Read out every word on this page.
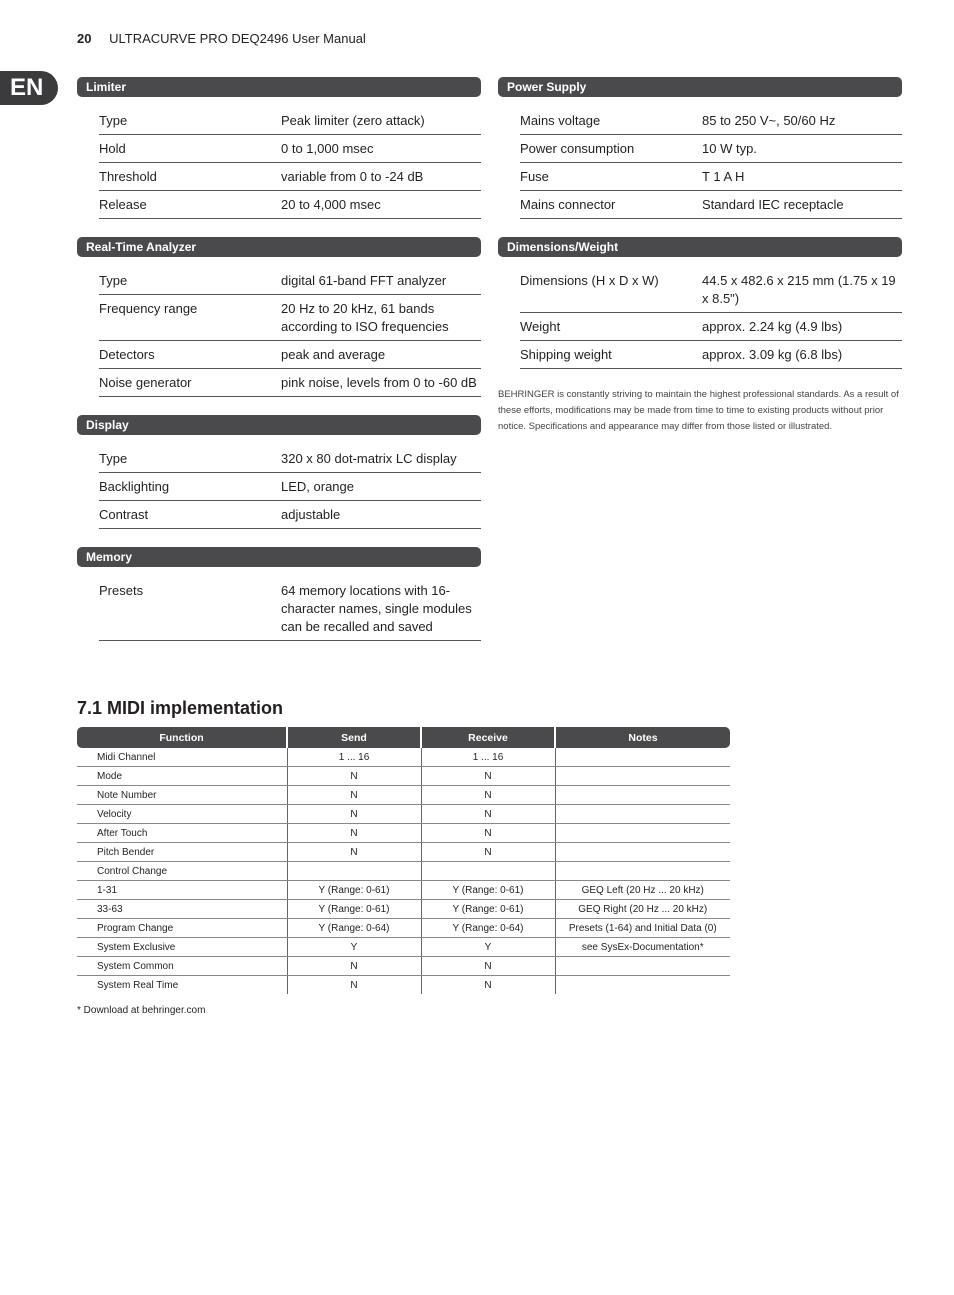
20 ULTRACURVE PRO DEQ2496 User Manual
EN	Limiter
Type	Peak limiter (zero attack)
Hold	0 to 1,000 msec
Threshold	variable from 0 to -24 dB
Release	20 to 4,000 msec
Real-Time Analyzer
Type	digital 61-band FFT analyzer
Frequency range	20 Hz to 20 kHz, 61 bands according to ISO frequencies
Detectors	peak and average
Noise generator	pink noise, levels from 0 to -60 dB
Display
Type	320 x 80 dot-matrix LC display
Backlighting	LED, orange
Contrast	adjustable
Memory
Presets	64 memory locations with 16-character names, single modules can be recalled and saved
Power Supply
Mains voltage	85 to 250 V~, 50/60 Hz
Power consumption	10 W typ.
Fuse	T 1 A H
Mains connector	Standard IEC receptacle
Dimensions/Weight
Dimensions (H x D x W)	44.5 x 482.6 x 215 mm (1.75 x 19 x 8.5")
Weight	approx. 2.24 kg (4.9 lbs)
Shipping weight	approx. 3.09 kg (6.8 lbs)
BEHRINGER is constantly striving to maintain the highest professional standards. As a result of these efforts, modifications may be made from time to time to existing products without prior notice. Specifications and appearance may differ from those listed or illustrated.
7.1 MIDI implementation
Function	Send	Receive	Notes
Midi Channel	1 ... 16	1 ... 16	
Mode	N	N	
Note Number	N	N	
Velocity	N	N	
After Touch	N	N	
Pitch Bender	N	N	
Control Change			
1-31	Y (Range: 0-61)	Y (Range: 0-61)	GEQ Left (20 Hz ... 20 kHz)
33-63	Y (Range: 0-61)	Y (Range: 0-61)	GEQ Right (20 Hz ... 20 kHz)
Program Change	Y (Range: 0-64)	Y (Range: 0-64)	Presets (1-64) and Initial Data (0)
System Exclusive	Y	Y	see SysEx-Documentation*
System Common	N	N	
System Real Time	N	N	
* Download at behringer.com
